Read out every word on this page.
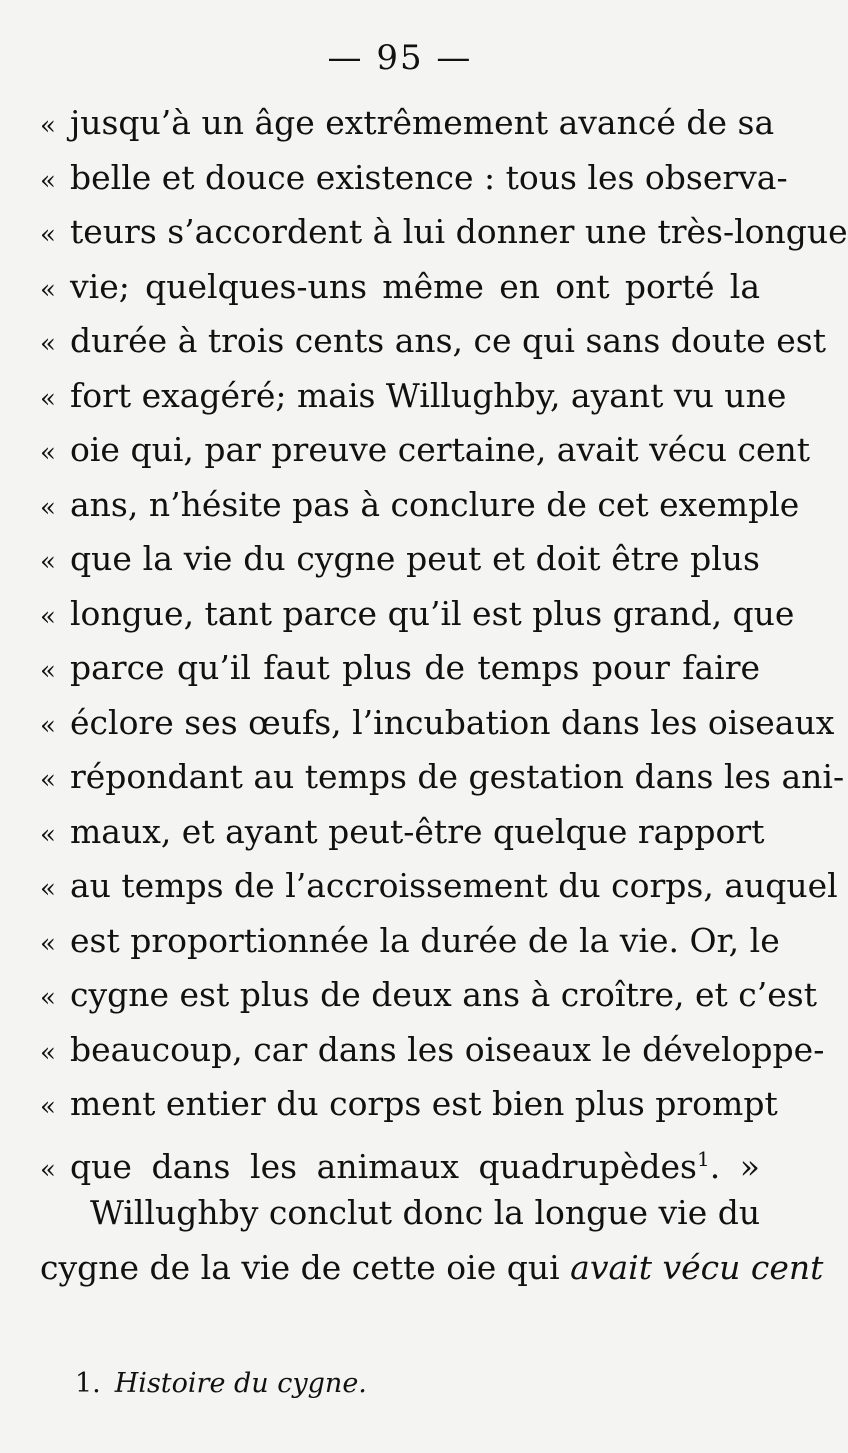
— 95 —
« jusqu’à un âge extrêmement avancé de sa
« belle et douce existence : tous les observa-
« teurs s’accordent à lui donner une très-longue
« vie; quelques-uns même en ont porté la
« durée à trois cents ans, ce qui sans doute est
« fort exagéré; mais Willughby, ayant vu une
« oie qui, par preuve certaine, avait vécu cent
« ans, n’hésite pas à conclure de cet exemple
« que la vie du cygne peut et doit être plus
« longue, tant parce qu’il est plus grand, que
« parce qu’il faut plus de temps pour faire
« éclore ses œufs, l’incubation dans les oiseaux
« répondant au temps de gestation dans les ani-
« maux, et ayant peut-être quelque rapport
« au temps de l’accroissement du corps, auquel
« est proportionnée la durée de la vie. Or, le
« cygne est plus de deux ans à croître, et c’est
« beaucoup, car dans les oiseaux le développe-
« ment entier du corps est bien plus prompt
« que dans les animaux quadrupèdes$^1$. »
Willughby conclut donc la longue vie du
cygne de la vie de cette oie qui avait vécu cent
1. Histoire du cygne.
